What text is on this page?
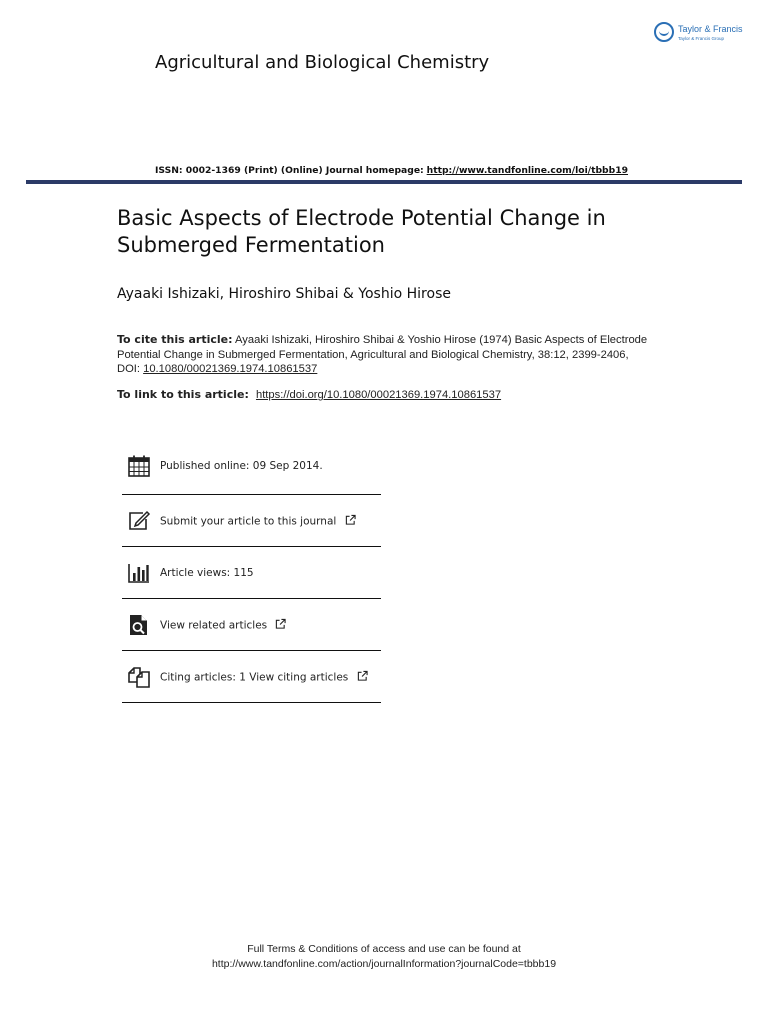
Taylor & Francis
Taylor & Francis Group
Agricultural and Biological Chemistry
ISSN: 0002-1369 (Print) (Online) Journal homepage: http://www.tandfonline.com/loi/tbbb19
Basic Aspects of Electrode Potential Change in Submerged Fermentation
Ayaaki Ishizaki, Hiroshiro Shibai & Yoshio Hirose
To cite this article: Ayaaki Ishizaki, Hiroshiro Shibai & Yoshio Hirose (1974) Basic Aspects of Electrode Potential Change in Submerged Fermentation, Agricultural and Biological Chemistry, 38:12, 2399-2406, DOI: 10.1080/00021369.1974.10861537
To link to this article: https://doi.org/10.1080/00021369.1974.10861537
Published online: 09 Sep 2014.
Submit your article to this journal
Article views: 115
View related articles
Citing articles: 1 View citing articles
Full Terms & Conditions of access and use can be found at
http://www.tandfonline.com/action/journalInformation?journalCode=tbbb19
